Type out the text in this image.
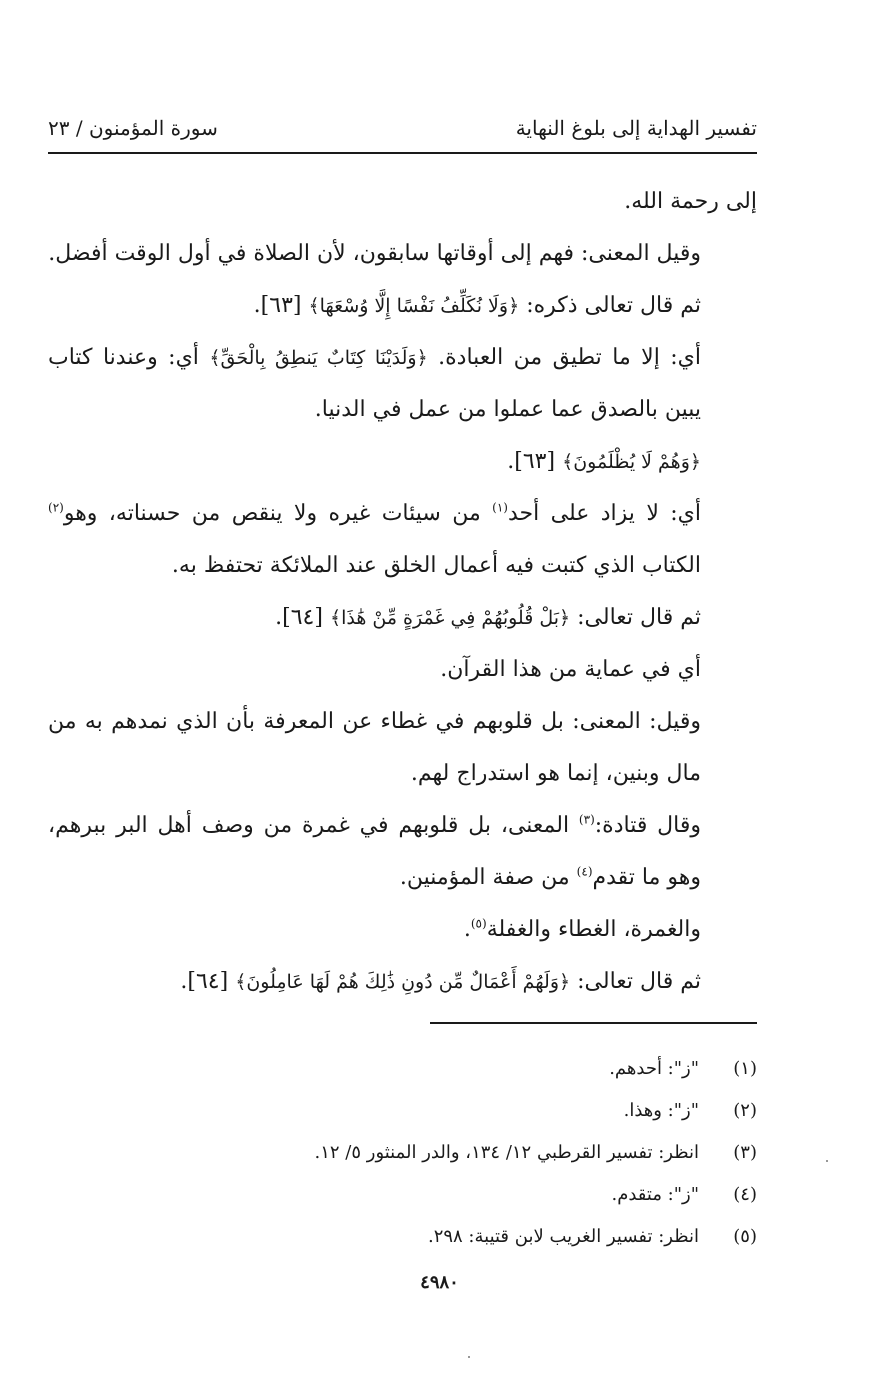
تفسير الهداية إلى بلوغ النهاية
سورة المؤمنون / ٢٣

إلى رحمة الله.

وقيل المعنى: فهم إلى أوقاتها سابقون، لأن الصلاة في أول الوقت أفضل.

ثم قال تعالى ذكره: ﴿وَلَا نُكَلِّفُ نَفْسًا إِلَّا وُسْعَهَا﴾ [٦٣].

أي: إلا ما تطيق من العبادة. ﴿وَلَدَيْنَا كِتَابٌ يَنطِقُ بِالْحَقِّ﴾ أي: وعندنا كتاب يبين بالصدق عما عملوا من عمل في الدنيا.

﴿وَهُمْ لَا يُظْلَمُونَ﴾ [٦٣].

أي: لا يزاد على أحد$^{(١)}$ من سيئات غيره ولا ينقص من حسناته، وهو$^{(٢)}$ الكتاب الذي كتبت فيه أعمال الخلق عند الملائكة تحتفظ به.

ثم قال تعالى: ﴿بَلْ قُلُوبُهُمْ فِي غَمْرَةٍ مِّنْ هَٰذَا﴾ [٦٤].

أي في عماية من هذا القرآن.

وقيل: المعنى: بل قلوبهم في غطاء عن المعرفة بأن الذي نمدهم به من مال وبنين، إنما هو استدراج لهم.

وقال قتادة:$^{(٣)}$ المعنى، بل قلوبهم في غمرة من وصف أهل البر ببرهم، وهو ما تقدم$^{(٤)}$ من صفة المؤمنين.

والغمرة، الغطاء والغفلة$^{(٥)}$.

ثم قال تعالى: ﴿وَلَهُمْ أَعْمَالٌ مِّن دُونِ ذَٰلِكَ هُمْ لَهَا عَامِلُونَ﴾ [٦٤].

(١)"ز": أحدهم.
(٢)"ز": وهذا.
(٣)انظر: تفسير القرطبي ١٢/ ١٣٤، والدر المنثور ٥/ ١٢.
(٤)"ز": متقدم.
(٥)انظر: تفسير الغريب لابن قتيبة: ٢٩٨.
٤٩٨٠
